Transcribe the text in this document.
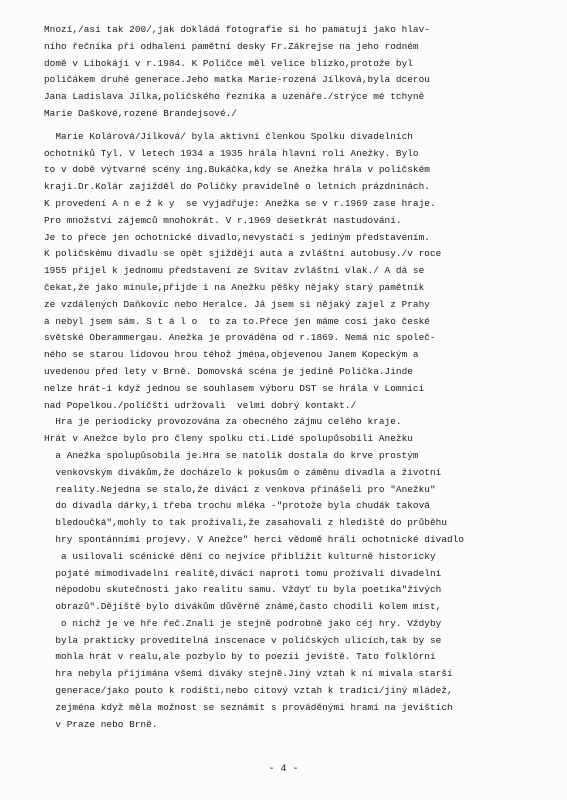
Mnozí,/asi tak 200/,jak dokládá fotografie si ho pamatují jako hlav-
ního řečníka při odhalení pamětní desky Fr.Zákrejse na jeho rodném
domě v Libokáji v r.1984. K Poličce měl velice blízko,protože byl
poličákem druhé generace.Jeho matka Marie-rozená Jílková,byla dcerou
Jana Ladislava Jílka,poličského řezníka a uzenáře./strýce mé tchyně
Marie Daškové,rozené Brandejsové./
Marie Kolárová/Jílková/ byla aktivní členkou Spolku divadelních
ochotníků Tyl. V letech 1934 a 1935 hrála hlavní roli Anežky. Bylo
to v době výtvarné scény ing.Bukáčka,kdy se Anežka hrála v poličském
kraji.Dr.Kolár zajížděl do Poličky pravidelně o letních prázdninách.
K provedení A n e ž k y  se vyjadřuje: Anežka se v r.1969 zase hraje.
Pro množství zájemců mnohokrát. V r.1969 desetkrát nastudování.
Je to přece jen ochotnické divadlo,nevystačí s jediným představením.
K poličskému divadlu se opět sjíždějí auta a zvláštní autobusy./v roce
1955 přijel k jednomu představení ze Svitav zvláštní vlak./ A dá se
čekat,že jako minule,přijde i na Anežku pěšky nějaký starý pamětník
ze vzdálených Daňkovic nebo Heralce. Já jsem si nějaký zajel z Prahy
a nebyl jsem sám. S t á l o  to za to.Přece jen máme cosi jako české
světské Oberammergau. Anežka je prováděna od r.1869. Nemá nic společ-
ného se starou lidovou hrou téhož jména,objevenou Janem Kopeckým a
uvedenou před lety v Brně. Domovská scéna je jedině Polička.Jinde
nelze hrát-i když jednou se souhlasem výboru DST se hrála v Lomnici
nad Popelkou./poličští udržovali  velmi dobrý kontakt./
Hra je periodicky provozována za obecného zájmu celého kraje.
Hrát v Anežce bylo pro členy spolku ctí.Lidé spolupůsobili Anežku
a Anežka spolupůsobila je.Hra se natolik dostala do krve prostým
venkovským divákům,že docházelo k pokusům o záměnu divadla a životní
reality.Nejedna se stalo,že diváci z venkova přinášeli pro "Anežku"
do divadla dárky,i třeba trochu mléka -"protože byla chudák taková
bledoučká",mohly to tak prožívali,že zasahovali z hlediště do průběhu
hry spontánními projevy. V Anežce" herci vědomě hráli ochotnické divadlo
a usilovali scénické dění co nejvíce přiblížit kulturně historicky
pojaté mimodivadelní realitě,diváci naproti tomu prožívali divadelní
népodobu skutečnosti jako realitu samu. Vždyť tu byla poetika"živých
obrazů".Dějiště bylo divákům důvěrně známé,často chodili kolem míst,
o nichž je ve hře řeč.Znali je stejně podrobně jako céj hry. Vždyby
byla prakticky proveditelná inscenace v poličských ulicích,tak by se
mohla hrát v realu,ale pozbylo by to poezii jeviště. Tato folklórní
hra nebyla přijímána všemi diváky stejně.Jiný vztah k ní mívala starší
generace/jako pouto k rodišti,nebo citový vztah k tradici/jiný mládež,
zejména když měla možnost se seznámit s prováděnými hrami na jevištích
v Praze nebo Brně.
- 4 -
